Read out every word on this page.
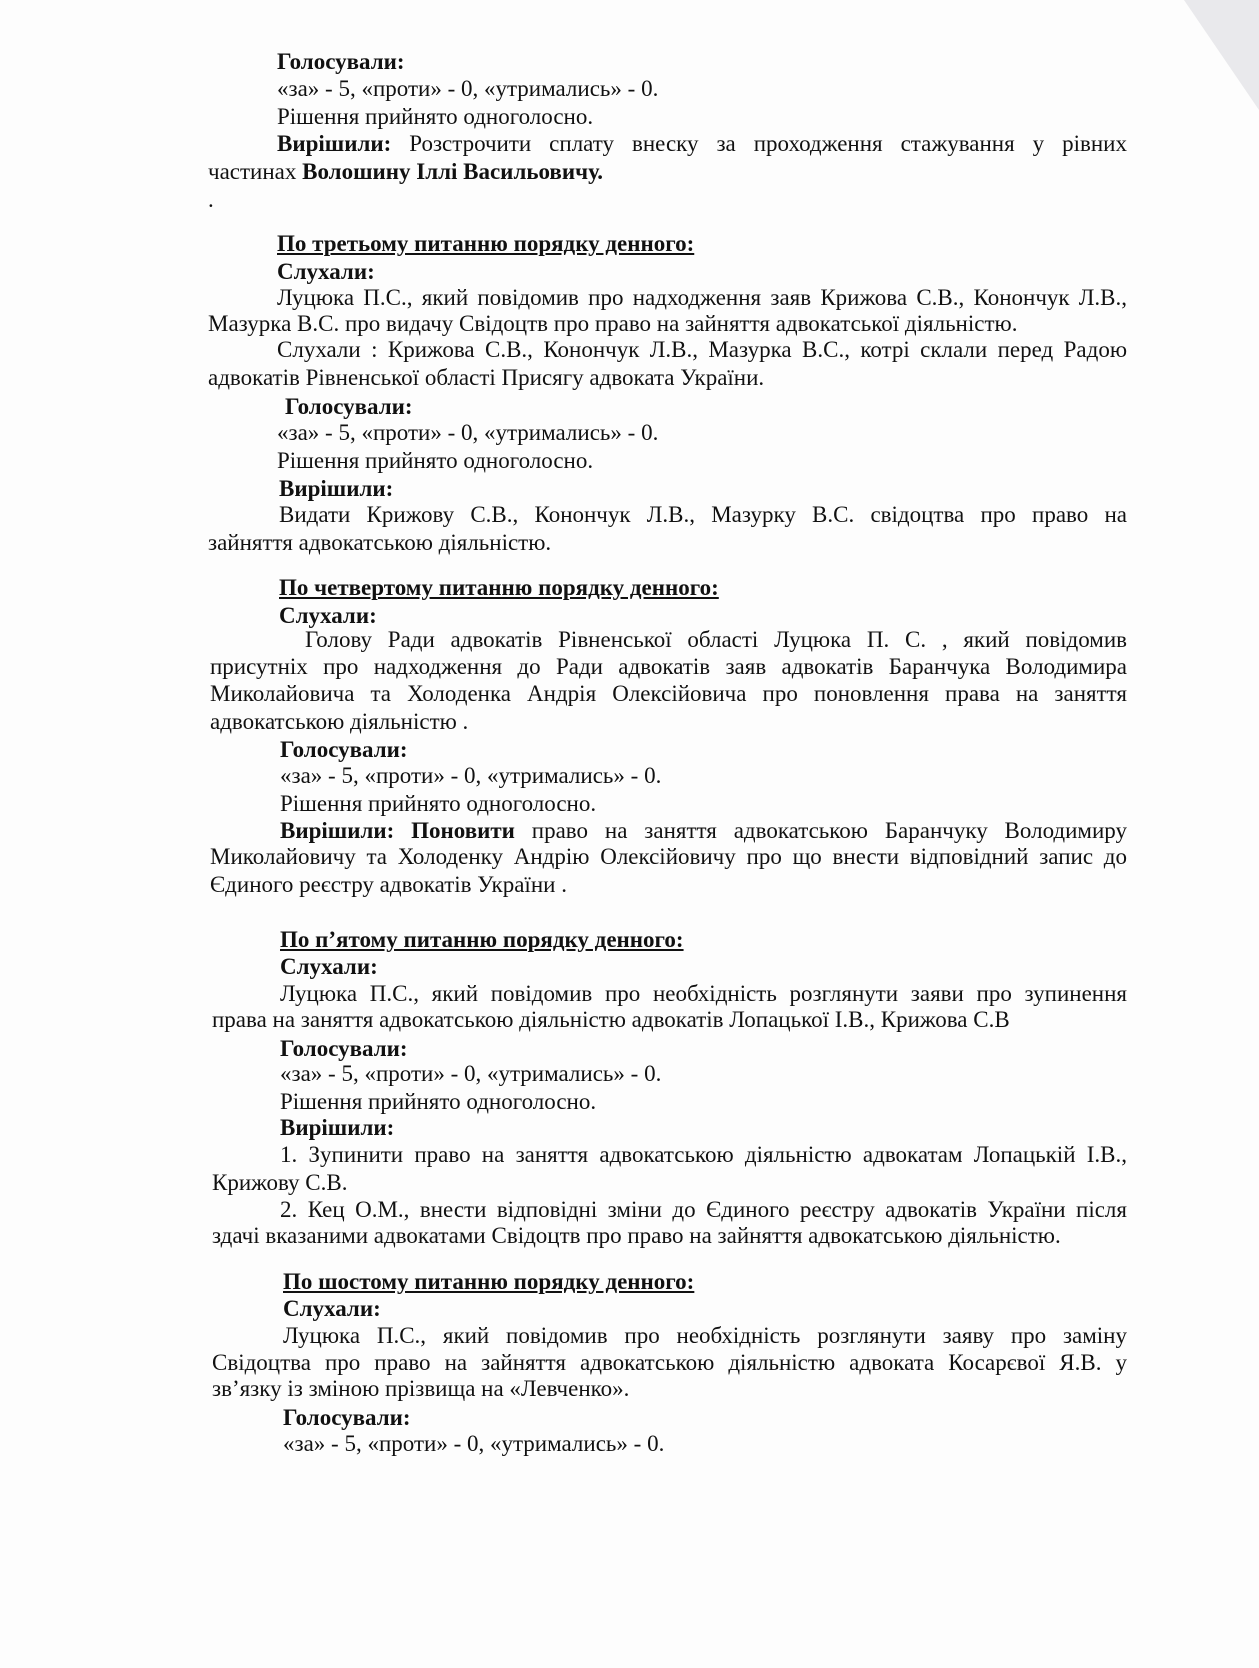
Голосували:
«за» - 5, «проти» - 0, «утримались» - 0.
Рішення прийнято одноголосно.
Вирішили: Розстрочити сплату внеску за проходження стажування у рівних
частинах Волошину Іллі Васильовичу.
.
По третьому питанню порядку денного:
Слухали:
Луцюка П.С., який повідомив про надходження заяв Крижова С.В., Конончук Л.В.,
Мазурка В.С. про видачу Свідоцтв про право на зайняття адвокатської діяльністю.
Слухали : Крижова С.В., Конончук Л.В., Мазурка В.С., котрі склали перед Радою
адвокатів Рівненської області Присягу адвоката України.
Голосували:
«за» - 5, «проти» - 0, «утримались» - 0.
Рішення прийнято одноголосно.
Вирішили:
Видати Крижову С.В., Конончук Л.В., Мазурку В.С. свідоцтва про право на
зайняття адвокатською діяльністю.
По четвертому питанню порядку денного:
Слухали:
Голову Ради адвокатів Рівненської області Луцюка П. С. , який повідомив
присутніх про надходження до Ради адвокатів заяв адвокатів Баранчука Володимира
Миколайовича та Холоденка Андрія Олексійовича про поновлення права на заняття
адвокатською діяльністю .
Голосували:
«за» - 5, «проти» - 0, «утримались» - 0.
Рішення прийнято одноголосно.
Вирішили: Поновити право на заняття адвокатською Баранчуку Володимиру
Миколайовичу та Холоденку Андрію Олексійовичу про що внести відповідний запис до
Єдиного реєстру адвокатів України .
По п’ятому питанню порядку денного:
Слухали:
Луцюка П.С., який повідомив про необхідність розглянути заяви про зупинення
права на заняття адвокатською діяльністю адвокатів Лопацької І.В., Крижова С.В
Голосували:
«за» - 5, «проти» - 0, «утримались» - 0.
Рішення прийнято одноголосно.
Вирішили:
1. Зупинити право на заняття адвокатською діяльністю адвокатам Лопацькій І.В.,
Крижову С.В.
2. Кец О.М., внести відповідні зміни до Єдиного реєстру адвокатів України після
здачі вказаними адвокатами Свідоцтв про право на зайняття адвокатською діяльністю.
По шостому питанню порядку денного:
Слухали:
Луцюка П.С., який повідомив про необхідність розглянути заяву про заміну
Свідоцтва про право на зайняття адвокатською діяльністю адвоката Косарєвої Я.В. у
зв’язку із зміною прізвища на «Левченко».
Голосували:
«за» - 5, «проти» - 0, «утримались» - 0.
